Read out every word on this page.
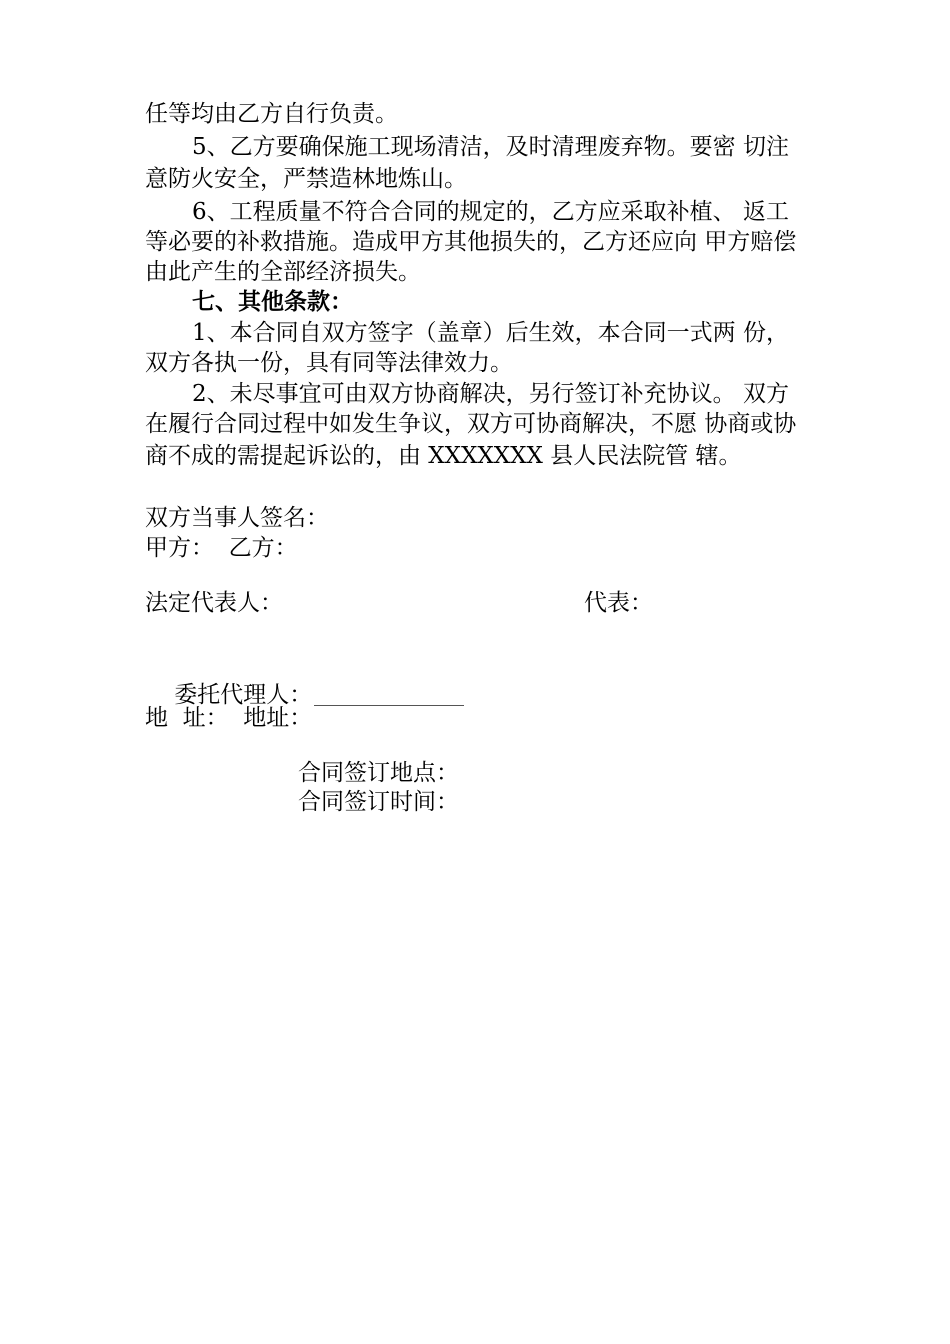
任等均由乙方自行负责。
5、乙方要确保施工现场清洁，及时清理废弃物。要密 切注
意防火安全，严禁造林地炼山。
6、工程质量不符合合同的规定的，乙方应采取补植、 返工
等必要的补救措施。造成甲方其他损失的，乙方还应向 甲方赔偿
由此产生的全部经济损失。
七、其他条款：
1、本合同自双方签字（盖章）后生效，本合同一式两 份，
双方各执一份，具有同等法律效力。
2、未尽事宜可由双方协商解决，另行签订补充协议。 双方
在履行合同过程中如发生争议，双方可协商解决，不愿 协商或协
商不成的需提起诉讼的，由 XXXXXXX 县人民法院管 辖。
双方当事人签名：
甲方：  乙方：
法定代表人：	代表：

委托代理人：

地  址：  地址：
合同签订地点：
合同签订时间：
